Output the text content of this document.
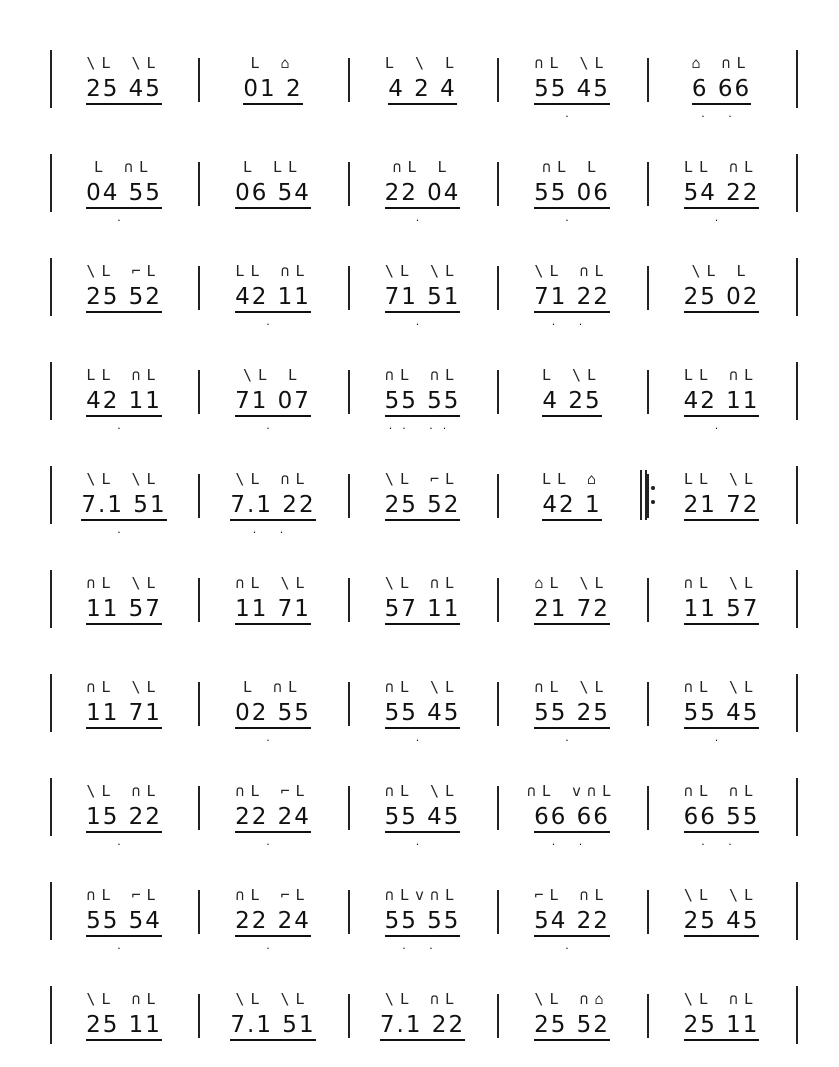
\L \L
25 45
L ⌂
01 2
L \ L
4 2 4
∩L \L
55 45
.
⌂ ∩L
6 66
. .
L ∩L
04 55
.
L LL
06 54
∩L L
22 04
.
∩L L
55 06
.
LL ∩L
54 22
.
\L ⌐L
25 52
LL ∩L
42 11
.
\L \L
71 51
.
\L ∩L
71 22
. .
\L L
25 02
LL ∩L
42 11
.
\L L
71 07
.
∩L ∩L
55 55
.. ..
L \L
4 25
LL ∩L
42 11
.
\L \L
7.1 51
.
\L ∩L
7.1 22
. .
\L ⌐L
25 52
LL ⌂
42 1
LL \L
21 72
∩L \L
11 57
∩L \L
11 71
\L ∩L
57 11
⌂L \L
21 72
∩L \L
11 57
∩L \L
11 71
L ∩L
02 55
.
∩L \L
55 45
.
∩L \L
55 25
.
∩L \L
55 45
.
\L ∩L
15 22
.
∩L ⌐L
22 24
.
∩L \L
55 45
.
∩L v∩L
66 66
. .
∩L ∩L
66 55
. .
∩L ⌐L
55 54
.
∩L ⌐L
22 24
.
∩Lv∩L
55 55
. .
⌐L ∩L
54 22
.
\L \L
25 45
\L ∩L
25 11
\L \L
7.1 51
\L ∩L
7.1 22
\L ∩⌂
25 52
\L ∩L
25 11
